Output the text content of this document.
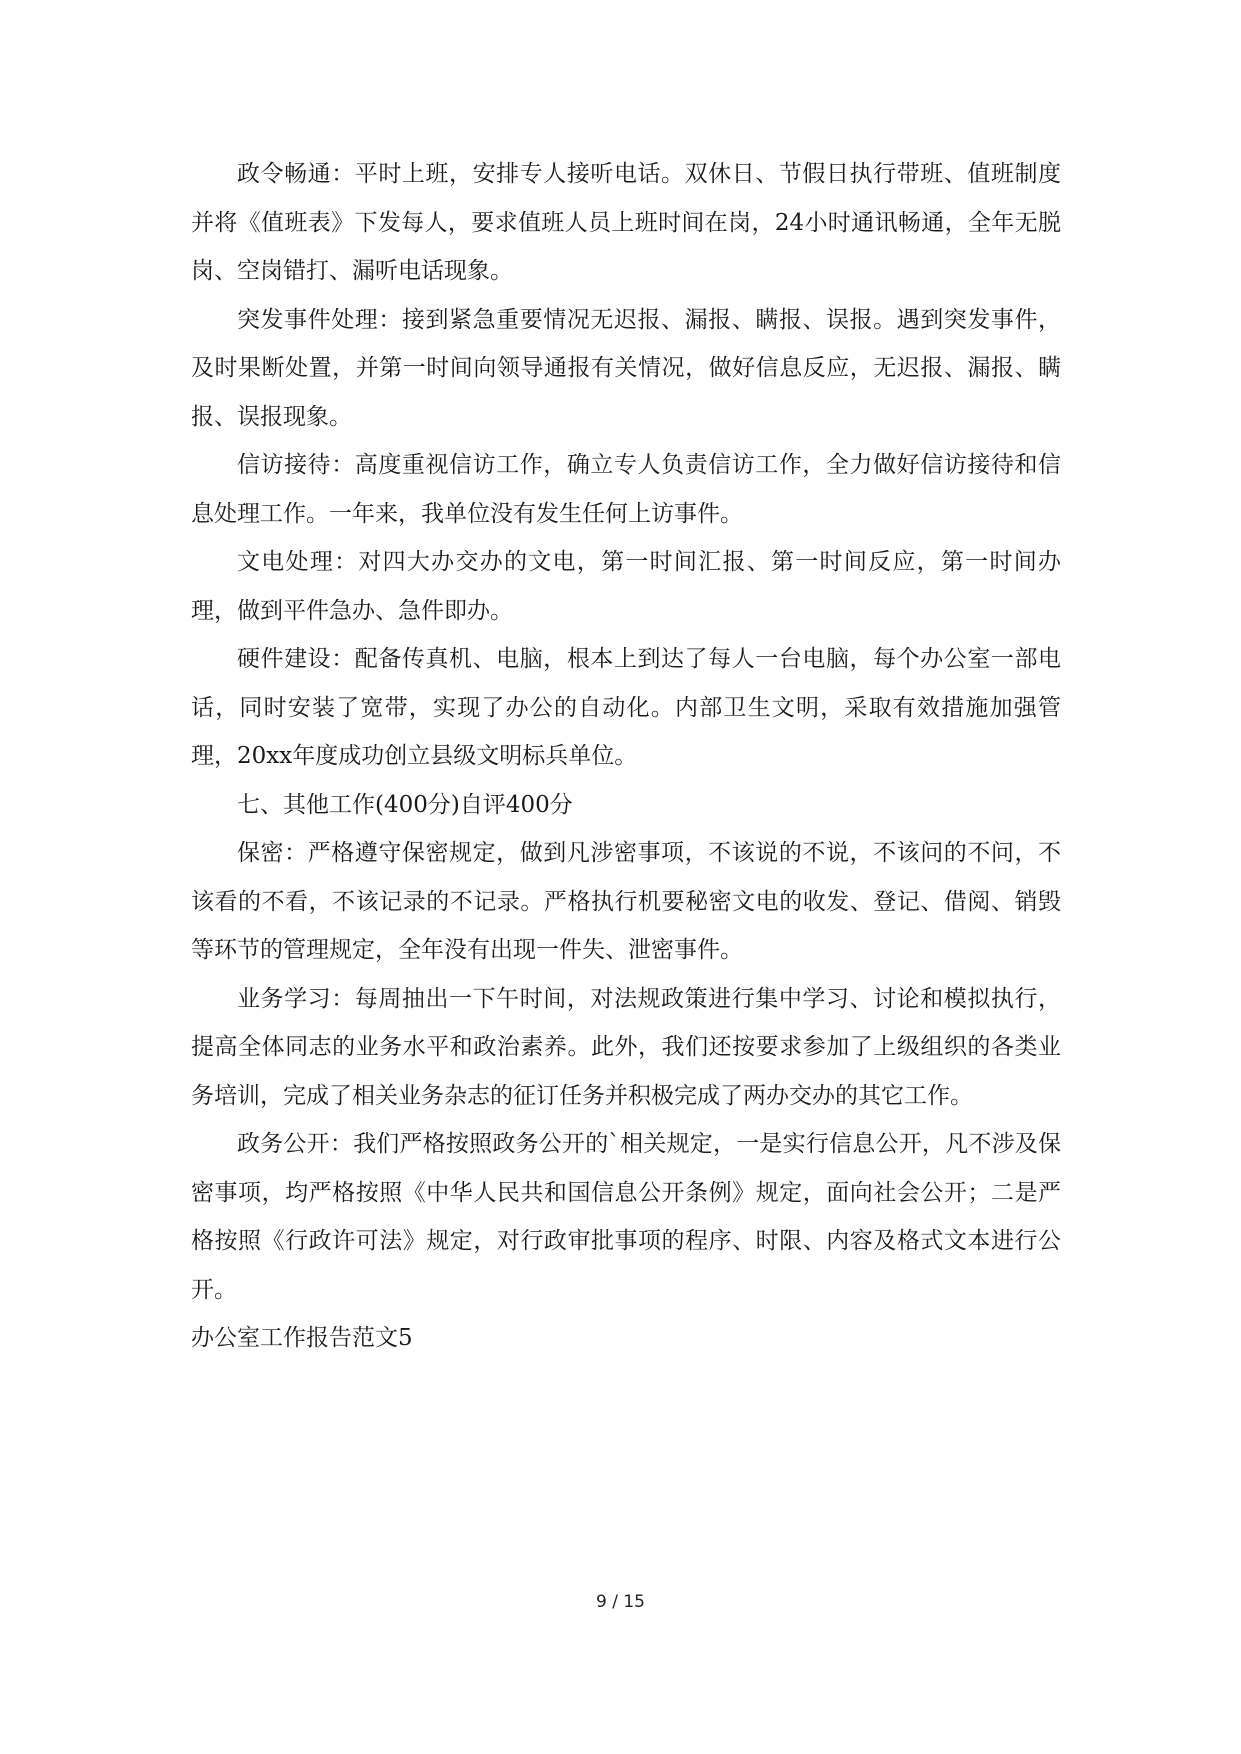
政令畅通：平时上班，安排专人接听电话。双休日、节假日执行带班、值班制度并将《值班表》下发每人，要求值班人员上班时间在岗，24小时通讯畅通，全年无脱岗、空岗错打、漏听电话现象。

突发事件处理：接到紧急重要情况无迟报、漏报、瞒报、误报。遇到突发事件，及时果断处置，并第一时间向领导通报有关情况，做好信息反应，无迟报、漏报、瞒报、误报现象。

信访接待：高度重视信访工作，确立专人负责信访工作，全力做好信访接待和信息处理工作。一年来，我单位没有发生任何上访事件。

文电处理：对四大办交办的文电，第一时间汇报、第一时间反应，第一时间办理，做到平件急办、急件即办。

硬件建设：配备传真机、电脑，根本上到达了每人一台电脑，每个办公室一部电话，同时安装了宽带，实现了办公的自动化。内部卫生文明，采取有效措施加强管理，20xx年度成功创立县级文明标兵单位。

七、其他工作(400分)自评400分

保密：严格遵守保密规定，做到凡涉密事项，不该说的不说，不该问的不问，不该看的不看，不该记录的不记录。严格执行机要秘密文电的收发、登记、借阅、销毁等环节的管理规定，全年没有出现一件失、泄密事件。

业务学习：每周抽出一下午时间，对法规政策进行集中学习、讨论和模拟执行，提高全体同志的业务水平和政治素养。此外，我们还按要求参加了上级组织的各类业务培训，完成了相关业务杂志的征订任务并积极完成了两办交办的其它工作。

政务公开：我们严格按照政务公开的`相关规定，一是实行信息公开，凡不涉及保密事项，均严格按照《中华人民共和国信息公开条例》规定，面向社会公开；二是严格按照《行政许可法》规定，对行政审批事项的程序、时限、内容及格式文本进行公开。

办公室工作报告范文5

9 / 15
